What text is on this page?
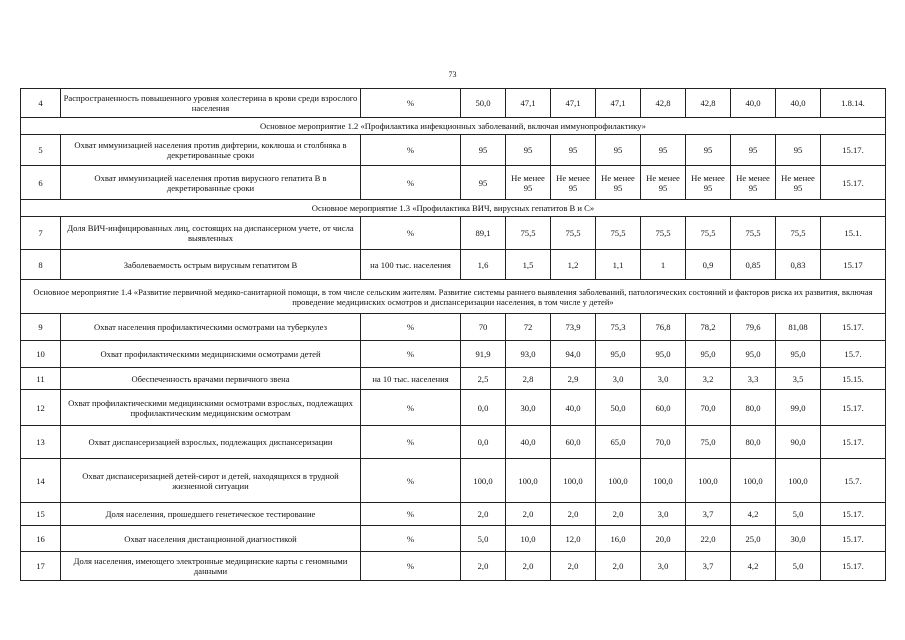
73
4	Распространенность повышенного уровня холестерина в крови среди взрослого населения	%	50,0	47,1	47,1	47,1	42,8	42,8	40,0	40,0	1.8.14.
Основное мероприятие 1.2 «Профилактика инфекционных заболеваний, включая иммунопрофилактику»											
5	Охват иммунизацией населения против дифтерии, коклюша и столбняка в декретированные сроки	%	95	95	95	95	95	95	95	95	15.17.
6	Охват иммунизацией населения против вирусного гепатита В в декретированные сроки	%	95	Не менее 95	Не менее 95	Не менее 95	Не менее 95	Не менее 95	Не менее 95	Не менее 95	15.17.
Основное мероприятие 1.3 «Профилактика ВИЧ, вирусных гепатитов В и С»											
7	Доля ВИЧ-инфицированных лиц, состоящих на диспансерном учете, от числа выявленных	%	89,1	75,5	75,5	75,5	75,5	75,5	75,5	75,5	15.1.
8	Заболеваемость острым вирусным гепатитом В	на 100 тыс. населения	1,6	1,5	1,2	1,1	1	0,9	0,85	0,83	15.17
Основное мероприятие 1.4 «Развитие первичной медико-санитарной помощи, в том числе сельским жителям. Развитие системы раннего выявления заболеваний, патологических состояний и факторов риска их развития, включая проведение медицинских осмотров и диспансеризации населения, в том числе у детей»											
9	Охват населения профилактическими осмотрами на туберкулез	%	70	72	73,9	75,3	76,8	78,2	79,6	81,08	15.17.
10	Охват профилактическими медицинскими осмотрами детей	%	91,9	93,0	94,0	95,0	95,0	95,0	95,0	95,0	15.7.
11	Обеспеченность врачами первичного звена	на 10 тыс. населения	2,5	2,8	2,9	3,0	3,0	3,2	3,3	3,5	15.15.
12	Охват профилактическими медицинскими осмотрами взрослых, подлежащих профилактическим медицинским осмотрам	%	0,0	30,0	40,0	50,0	60,0	70,0	80,0	99,0	15.17.
13	Охват диспансеризацией взрослых, подлежащих диспансеризации	%	0,0	40,0	60,0	65,0	70,0	75,0	80,0	90,0	15.17.
14	Охват диспансеризацией детей-сирот и детей, находящихся в трудной жизненной ситуации	%	100,0	100,0	100,0	100,0	100,0	100,0	100,0	100,0	15.7.
15	Доля населения, прошедшего генетическое тестирование	%	2,0	2,0	2,0	2,0	3,0	3,7	4,2	5,0	15.17.
16	Охват населения дистанционной диагностикой	%	5,0	10,0	12,0	16,0	20,0	22,0	25,0	30,0	15.17.
17	Доля населения, имеющего электронные медицинские карты с геномными данными	%	2,0	2,0	2,0	2,0	3,0	3,7	4,2	5,0	15.17.
